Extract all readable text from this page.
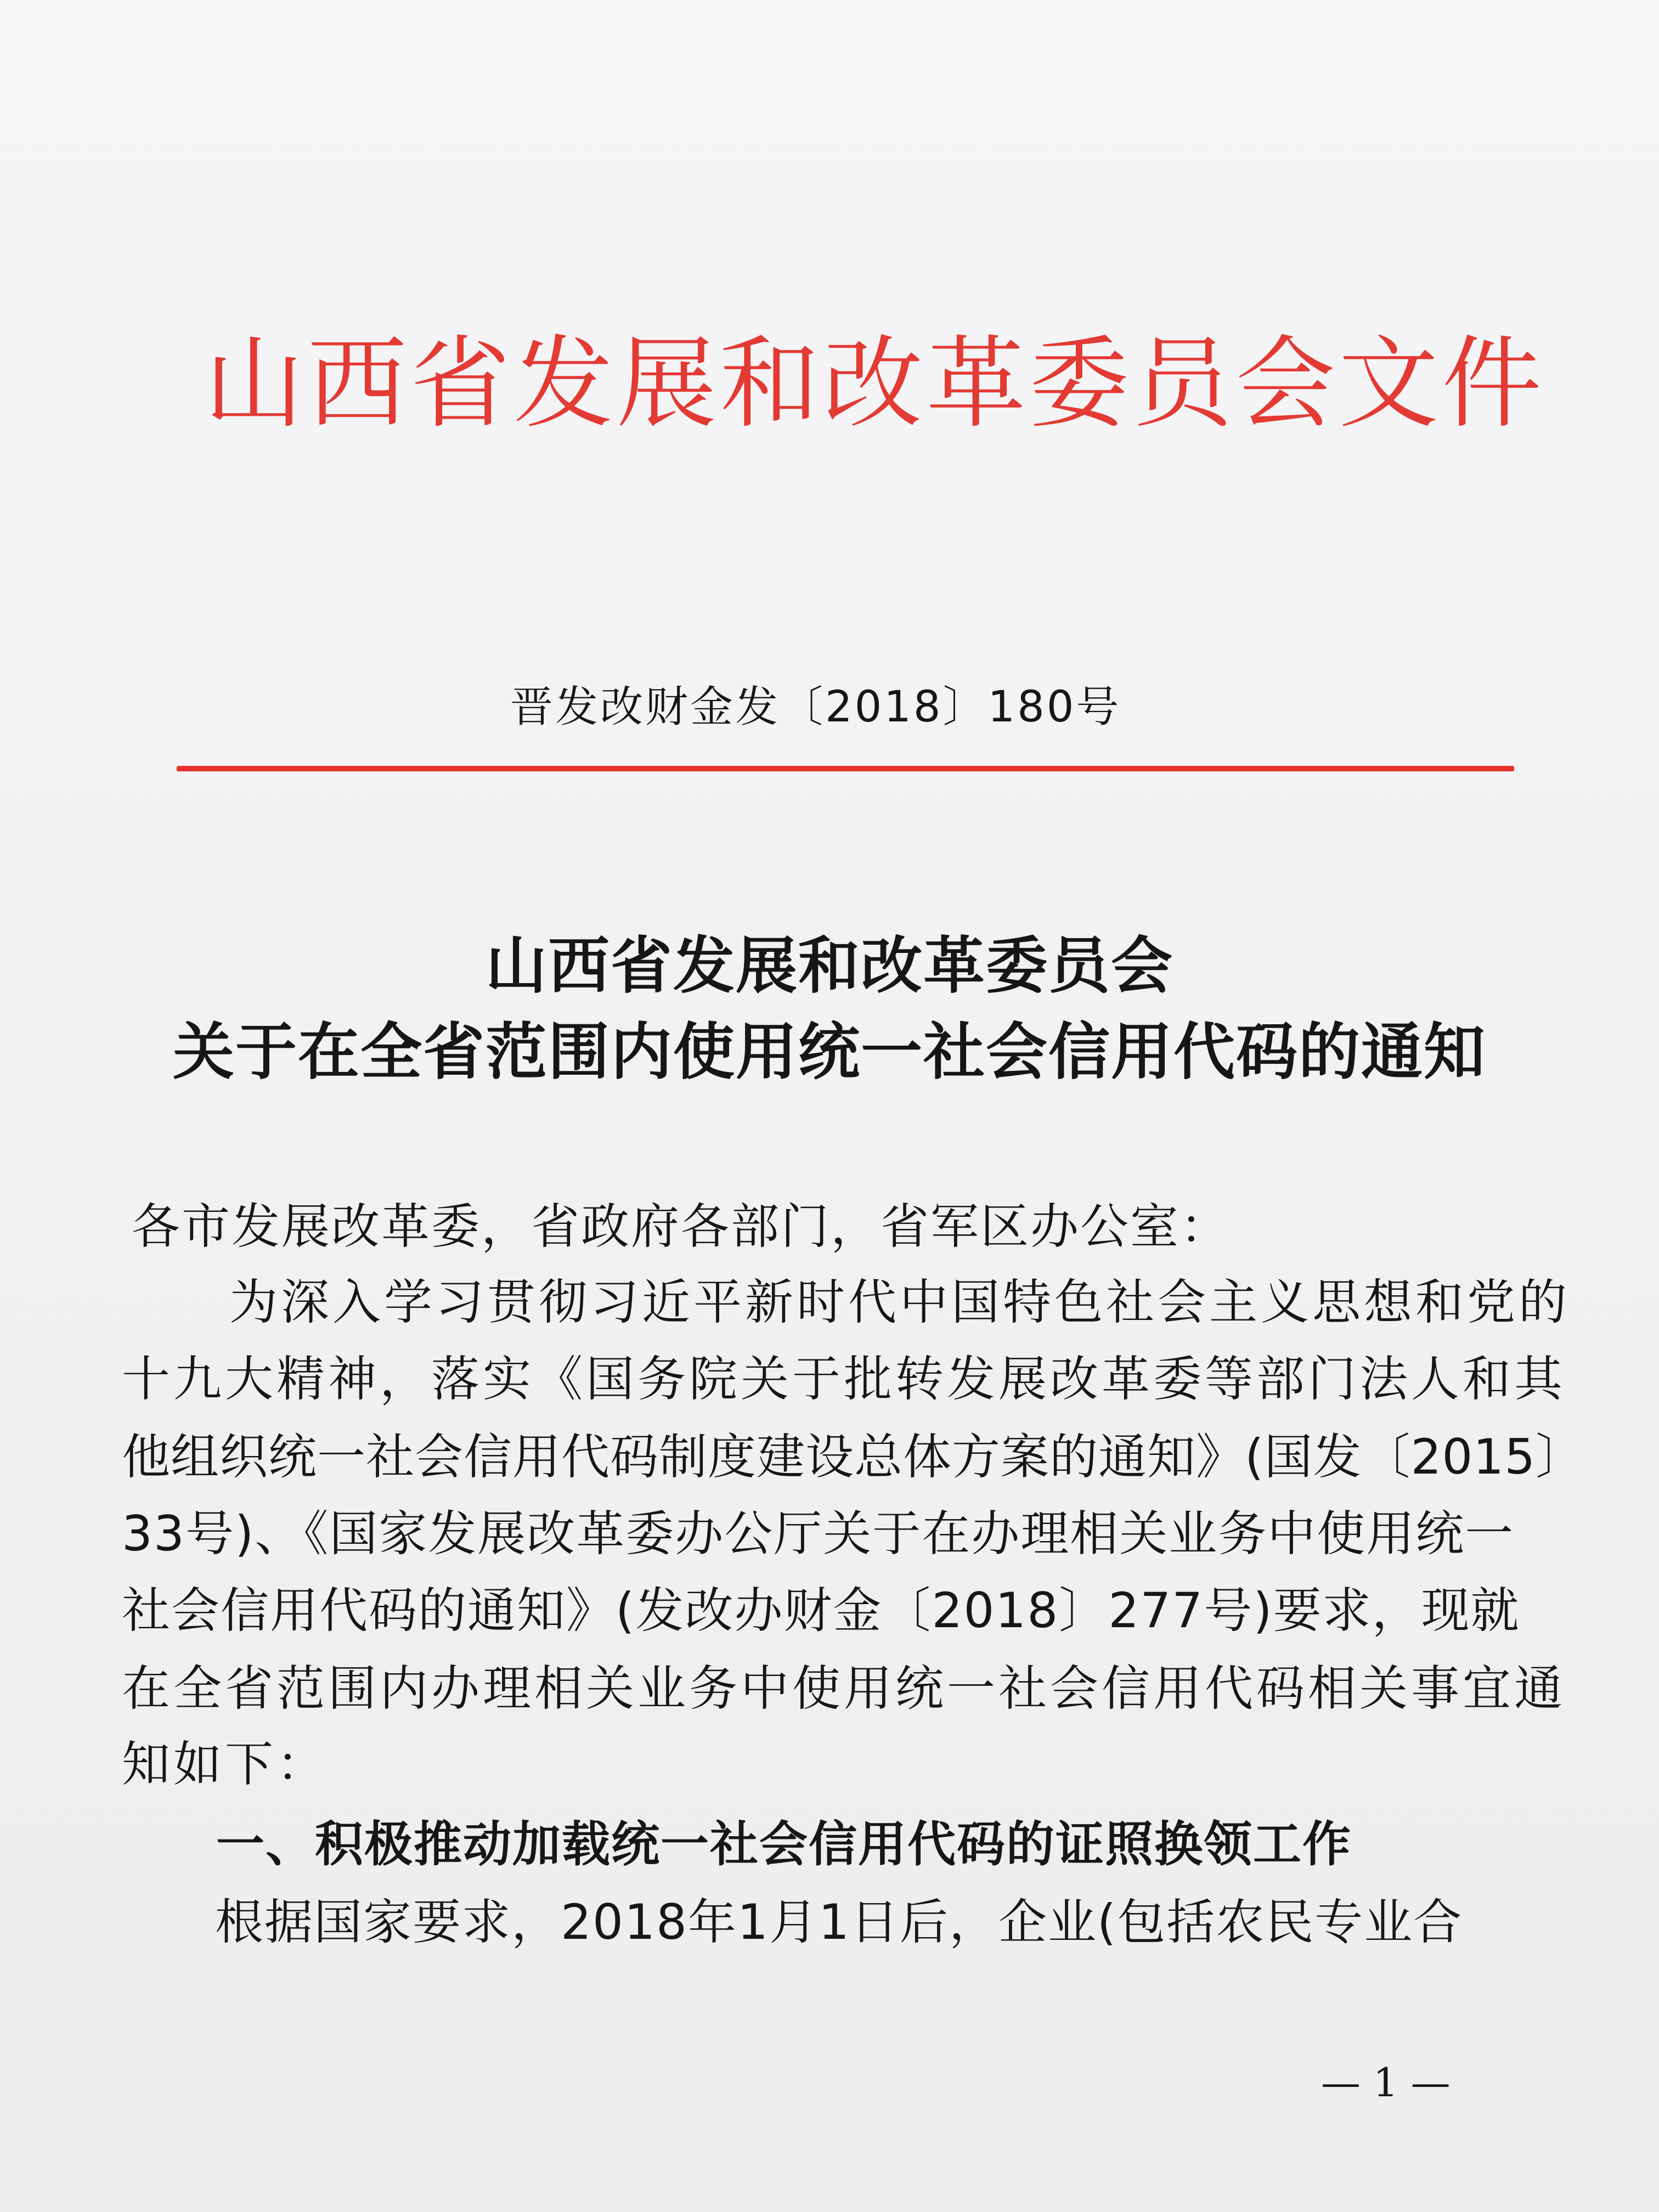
山西省发展和改革委员会文件
晋发改财金发〔2018〕180号
山西省发展和改革委员会
关于在全省范围内使用统一社会信用代码的通知
各市发展改革委，省政府各部门，省军区办公室：
为深入学习贯彻习近平新时代中国特色社会主义思想和党的
十九大精神，落实《国务院关于批转发展改革委等部门法人和其
他组织统一社会信用代码制度建设总体方案的通知》(国发〔2015〕
33号)、《国家发展改革委办公厅关于在办理相关业务中使用统一
社会信用代码的通知》(发改办财金〔2018〕277号)要求，现就
在全省范围内办理相关业务中使用统一社会信用代码相关事宜通
知如下：
一、积极推动加载统一社会信用代码的证照换领工作
根据国家要求，2018年1月1日后，企业(包括农民专业合
— 1 —
